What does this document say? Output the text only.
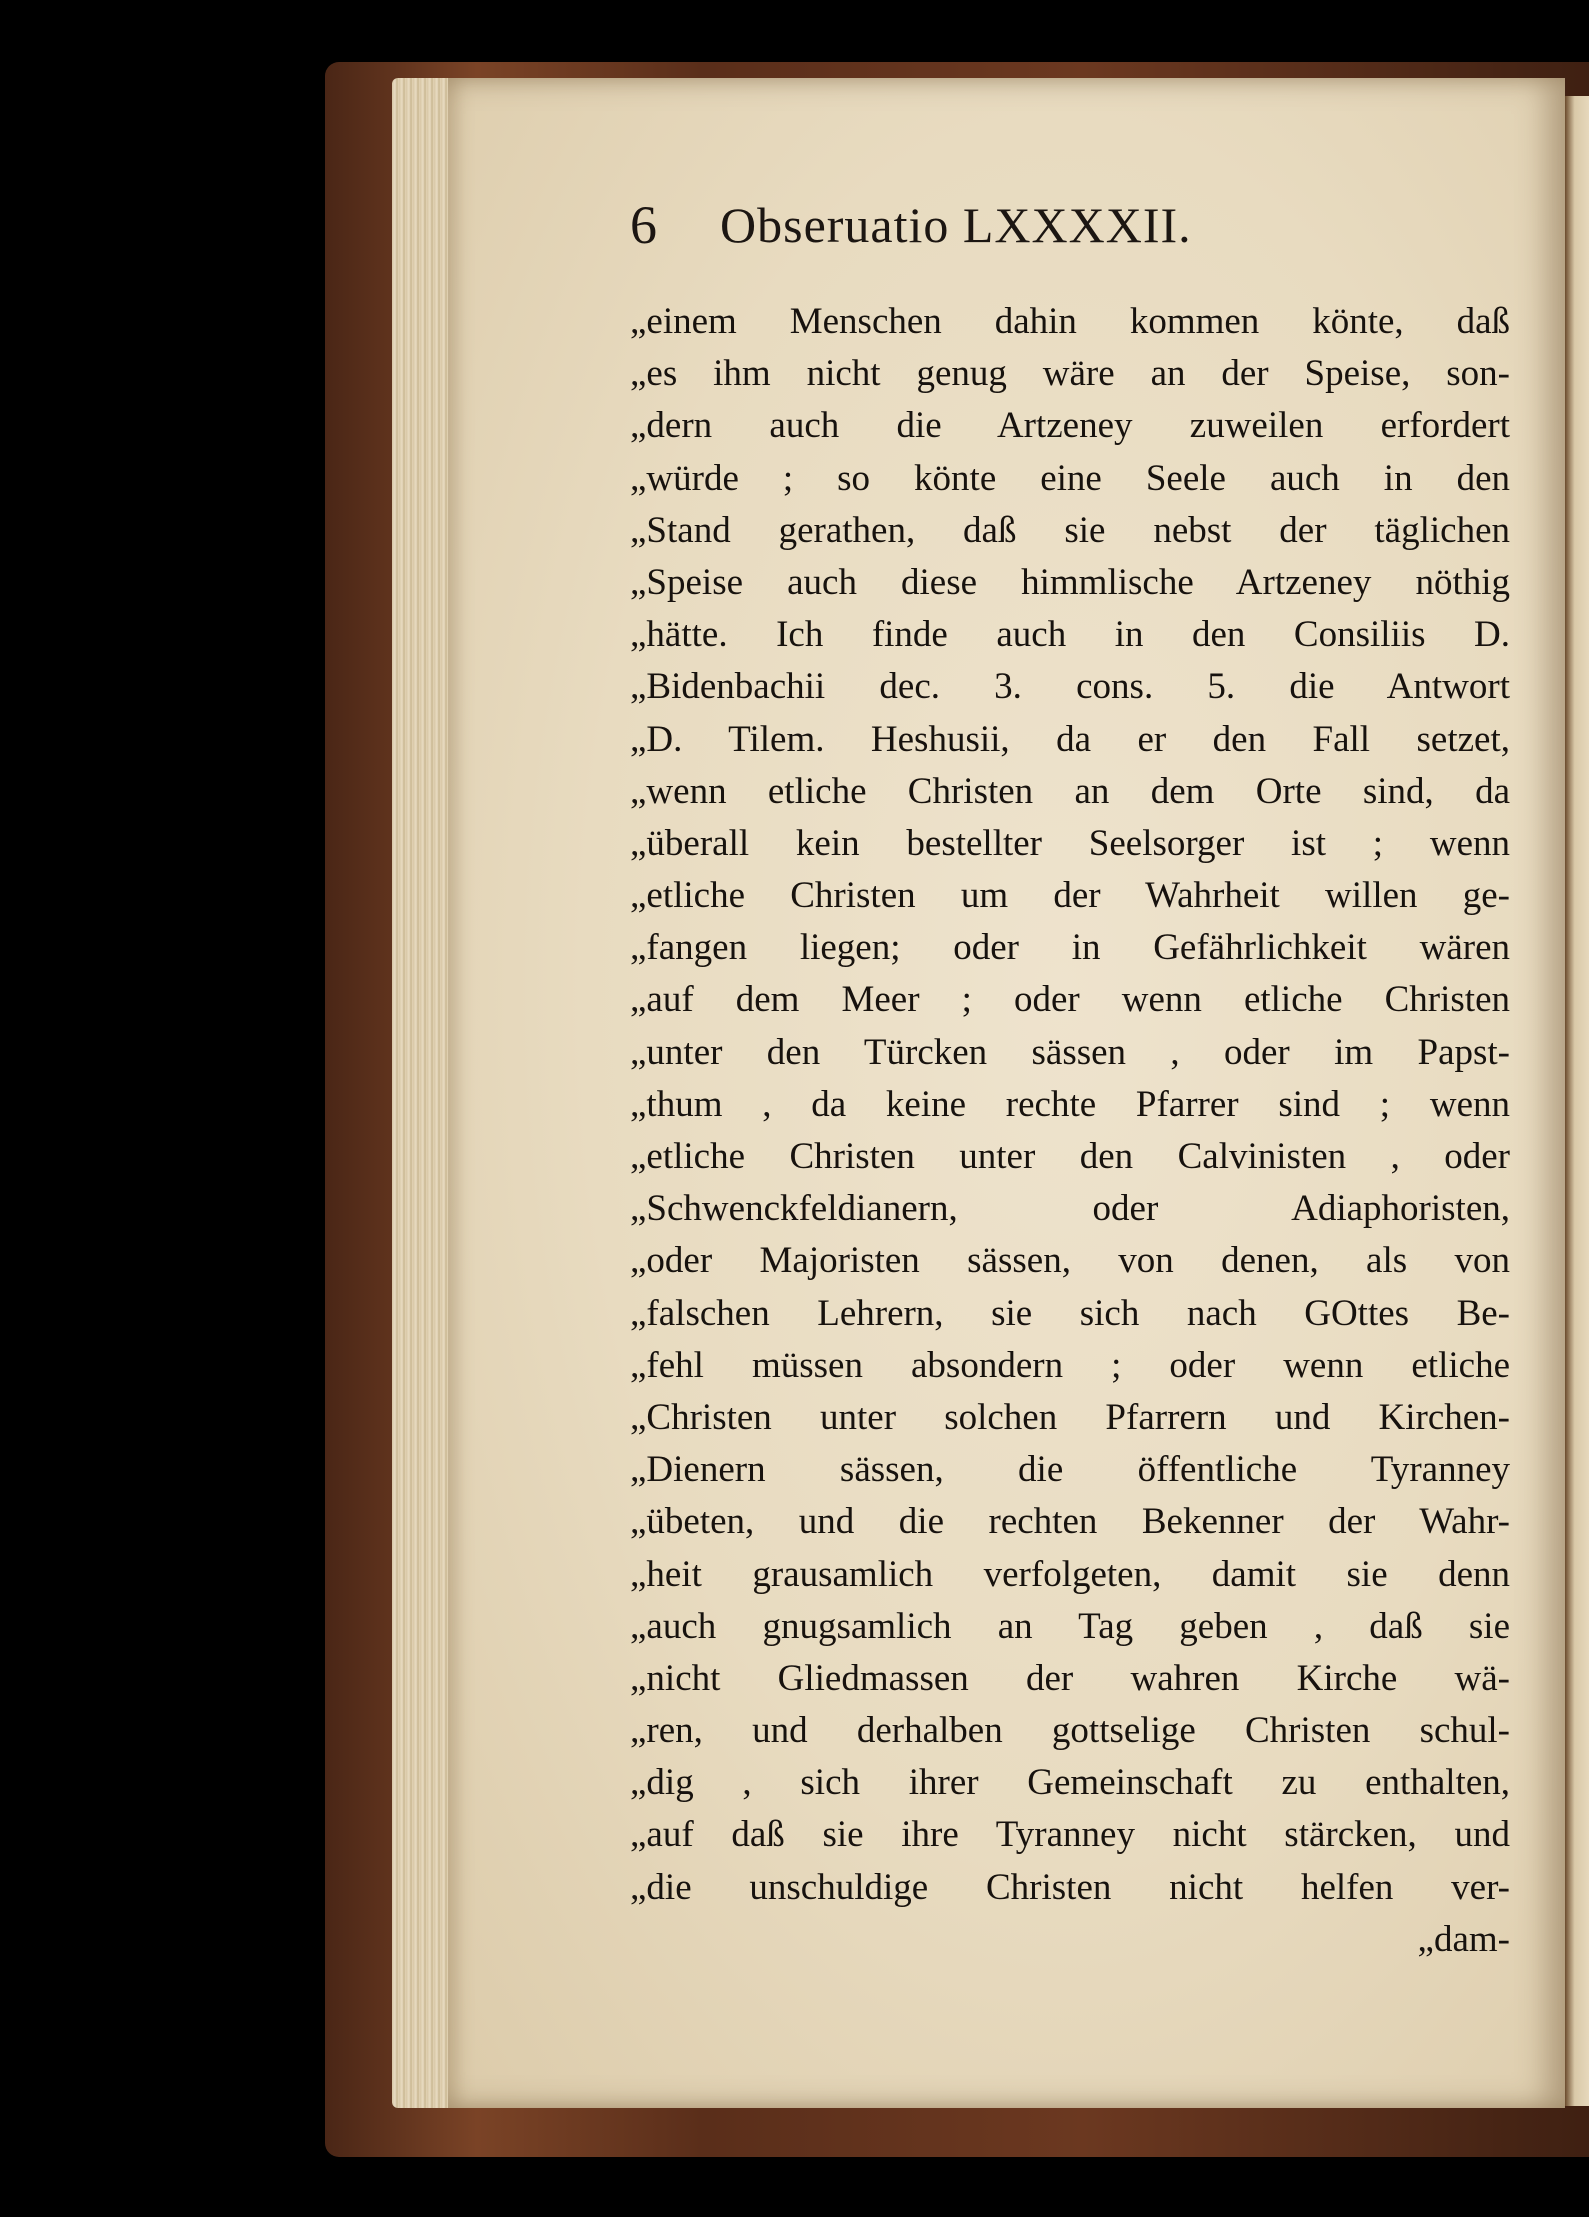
6 Obseruatio LXXXXII.
„einem Menschen dahin kommen könte, daß
„es ihm nicht genug wäre an der Speise, son-
„dern auch die Artzeney zuweilen erfordert
„würde ; so könte eine Seele auch in den
„Stand gerathen, daß sie nebst der täglichen
„Speise auch diese himmlische Artzeney nöthig
„hätte. Ich finde auch in den Consiliis D.
„Bidenbachii dec. 3. cons. 5. die Antwort
„D. Tilem. Heshusii, da er den Fall setzet,
„wenn etliche Christen an dem Orte sind, da
„überall kein bestellter Seelsorger ist ; wenn
„etliche Christen um der Wahrheit willen ge-
„fangen liegen; oder in Gefährlichkeit wären
„auf dem Meer ; oder wenn etliche Christen
„unter den Türcken sässen , oder im Papst-
„thum , da keine rechte Pfarrer sind ; wenn
„etliche Christen unter den Calvinisten , oder
„Schwenckfeldianern, oder Adiaphoristen,
„oder Majoristen sässen, von denen, als von
„falschen Lehrern, sie sich nach GOttes Be-
„fehl müssen absondern ; oder wenn etliche
„Christen unter solchen Pfarrern und Kirchen-
„Dienern sässen, die öffentliche Tyranney
„übeten, und die rechten Bekenner der Wahr-
„heit grausamlich verfolgeten, damit sie denn
„auch gnugsamlich an Tag geben , daß sie
„nicht Gliedmassen der wahren Kirche wä-
„ren, und derhalben gottselige Christen schul-
„dig , sich ihrer Gemeinschaft zu enthalten,
„auf daß sie ihre Tyranney nicht stärcken, und
„die unschuldige Christen nicht helfen ver-
„dam-
